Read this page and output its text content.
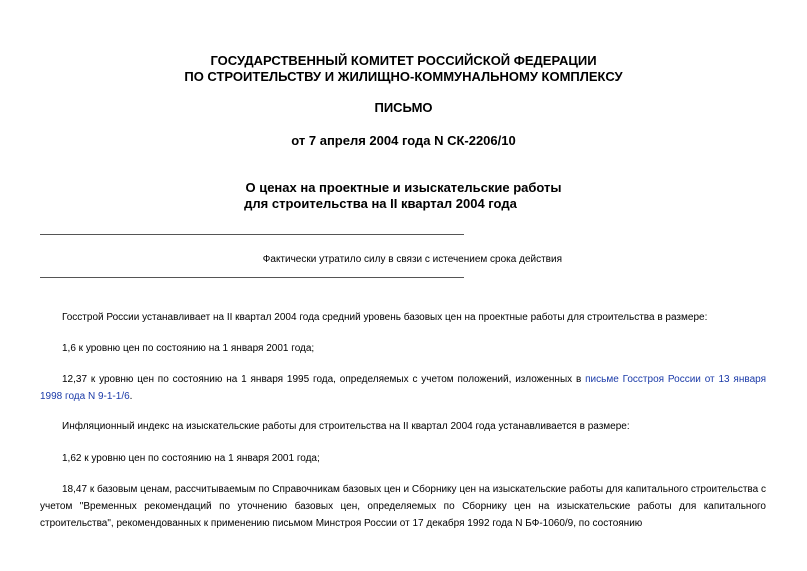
ГОСУДАРСТВЕННЫЙ КОМИТЕТ РОССИЙСКОЙ ФЕДЕРАЦИИ
ПО СТРОИТЕЛЬСТВУ И ЖИЛИЩНО-КОММУНАЛЬНОМУ КОМПЛЕКСУ
ПИСЬМО
от 7 апреля 2004 года N СК-2206/10
О ценах на проектные и изыскательские работы
для строительства на II квартал 2004 года
Фактически утратило силу в связи с истечением срока действия
Госстрой России устанавливает на II квартал 2004 года средний уровень базовых цен на проектные работы для строительства в размере:
1,6 к уровню цен по состоянию на 1 января 2001 года;
12,37 к уровню цен по состоянию на 1 января 1995 года, определяемых с учетом положений, изложенных в письме Госстроя России от 13 января 1998 года N 9-1-1/6.
Инфляционный индекс на изыскательские работы для строительства на II квартал 2004 года устанавливается в размере:
1,62 к уровню цен по состоянию на 1 января 2001 года;
18,47 к базовым ценам, рассчитываемым по Справочникам базовых цен и Сборнику цен на изыскательские работы для капитального строительства с учетом "Временных рекомендаций по уточнению базовых цен, определяемых по Сборнику цен на изыскательские работы для капитального строительства", рекомендованных к применению письмом Минстроя России от 17 декабря 1992 года N БФ-1060/9, по состоянию
